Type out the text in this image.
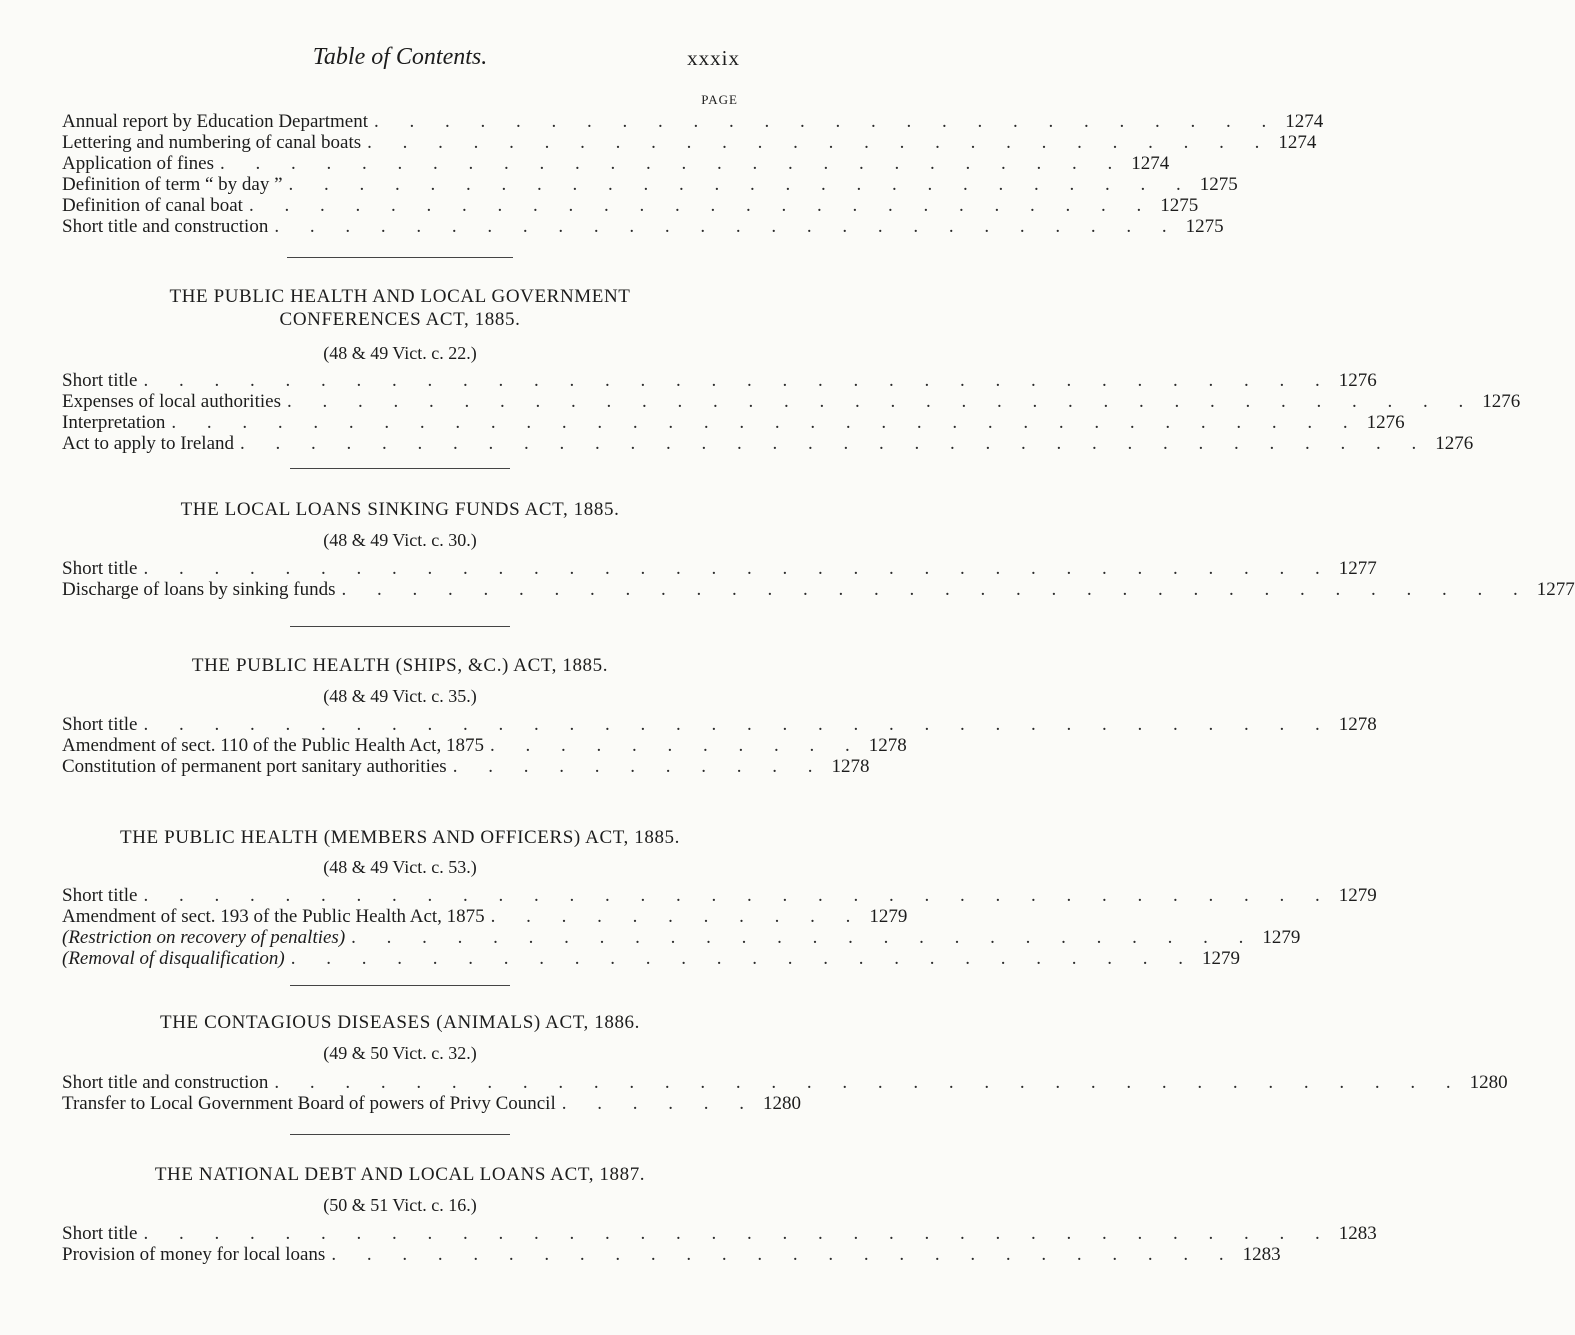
Table of Contents.	xxxix
PAGE
Annual report by Education Department . . . . . . . . . . . . . . . . . . . . . . . . . . 1274
Lettering and numbering of canal boats . . . . . . . . . . . . . . . . . . . . . . . . . . 1274
Application of fines . . . . . . . . . . . . . . . . . . . . . . . . . . 1274
Definition of term “ by day ” . . . . . . . . . . . . . . . . . . . . . . . . . . 1275
Definition of canal boat . . . . . . . . . . . . . . . . . . . . . . . . . . 1275
Short title and construction . . . . . . . . . . . . . . . . . . . . . . . . . . 1275
THE PUBLIC HEALTH AND LOCAL GOVERNMENT
CONFERENCES ACT, 1885.
(48 & 49 Vict. c. 22.)
Short title . . . . . . . . . . . . . . . . . . . . . . . . . . . . . . . . . . 1276
Expenses of local authorities . . . . . . . . . . . . . . . . . . . . . . . . . . . . . . . . . . 1276
Interpretation . . . . . . . . . . . . . . . . . . . . . . . . . . . . . . . . . . 1276
Act to apply to Ireland . . . . . . . . . . . . . . . . . . . . . . . . . . . . . . . . . . 1276
THE LOCAL LOANS SINKING FUNDS ACT, 1885.
(48 & 49 Vict. c. 30.)
Short title . . . . . . . . . . . . . . . . . . . . . . . . . . . . . . . . . . 1277
Discharge of loans by sinking funds . . . . . . . . . . . . . . . . . . . . . . . . . . . . . . . . . . 1277
THE PUBLIC HEALTH (SHIPS, &C.) ACT, 1885.
(48 & 49 Vict. c. 35.)
Short title . . . . . . . . . . . . . . . . . . . . . . . . . . . . . . . . . . 1278
Amendment of sect. 110 of the Public Health Act, 1875 . . . . . . . . . . . 1278
Constitution of permanent port sanitary authorities . . . . . . . . . . . 1278
THE PUBLIC HEALTH (MEMBERS AND OFFICERS) ACT, 1885.
(48 & 49 Vict. c. 53.)
Short title . . . . . . . . . . . . . . . . . . . . . . . . . . . . . . . . . . 1279
Amendment of sect. 193 of the Public Health Act, 1875 . . . . . . . . . . . 1279
(Restriction on recovery of penalties) . . . . . . . . . . . . . . . . . . . . . . . . . . 1279
(Removal of disqualification) . . . . . . . . . . . . . . . . . . . . . . . . . . 1279
THE CONTAGIOUS DISEASES (ANIMALS) ACT, 1886.
(49 & 50 Vict. c. 32.)
Short title and construction . . . . . . . . . . . . . . . . . . . . . . . . . . . . . . . . . . 1280
Transfer to Local Government Board of powers of Privy Council . . . . . . 1280
THE NATIONAL DEBT AND LOCAL LOANS ACT, 1887.
(50 & 51 Vict. c. 16.)
Short title . . . . . . . . . . . . . . . . . . . . . . . . . . . . . . . . . . 1283
Provision of money for local loans . . . . . . . . . . . . . . . . . . . . . . . . . . 1283
